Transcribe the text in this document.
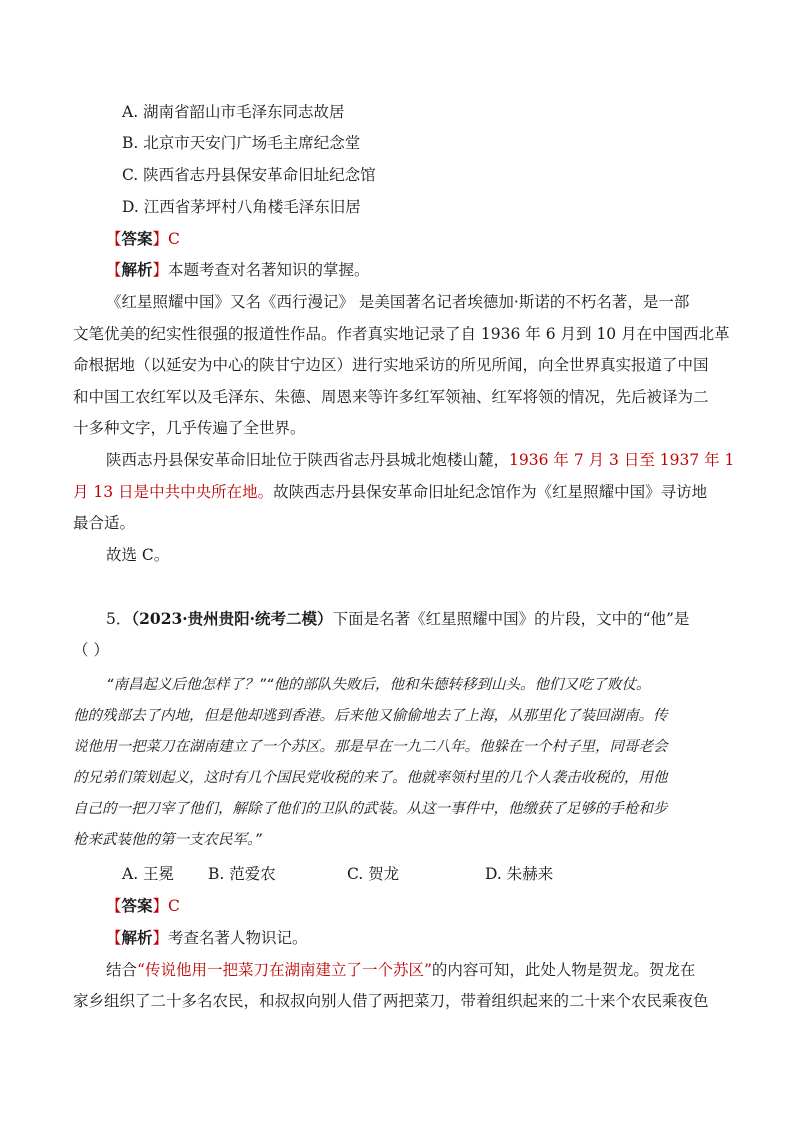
A. 湖南省韶山市毛泽东同志故居
B. 北京市天安门广场毛主席纪念堂
C. 陕西省志丹县保安革命旧址纪念馆
D. 江西省茅坪村八角楼毛泽东旧居
【答案】C
【解析】本题考查对名著知识的掌握。
《红星照耀中国》又名《西行漫记》 是美国著名记者埃德加·斯诺的不朽名著，是一部
文笔优美的纪实性很强的报道性作品。作者真实地记录了自 1936 年 6 月到 10 月在中国西北革
命根据地（以延安为中心的陕甘宁边区）进行实地采访的所见所闻，向全世界真实报道了中国
和中国工农红军以及毛泽东、朱德、周恩来等许多红军领袖、红军将领的情况，先后被译为二
十多种文字，几乎传遍了全世界。
陕西志丹县保安革命旧址位于陕西省志丹县城北炮楼山麓，1936 年 7 月 3 日至 1937 年 1
月 13 日是中共中央所在地。故陕西志丹县保安革命旧址纪念馆作为《红星照耀中国》寻访地
最合适。
故选 C。
5．（2023·贵州贵阳·统考二模）下面是名著《红星照耀中国》的片段，文中的“他”是
（ ）
“南昌起义后他怎样了？”“他的部队失败后，他和朱德转移到山头。他们又吃了败仗。
他的残部去了内地，但是他却逃到香港。后来他又偷偷地去了上海，从那里化了装回湖南。传
说他用一把菜刀在湖南建立了一个苏区。那是早在一九二八年。他躲在一个村子里，同哥老会
的兄弟们策划起义，这时有几个国民党收税的来了。他就率领村里的几个人袭击收税的，用他
自己的一把刀宰了他们，解除了他们的卫队的武装。从这一事件中，他缴获了足够的手枪和步
枪来武装他的第一支农民军。”
A. 王冕 B. 范爱农	C. 贺龙	D. 朱赫来
【答案】C
【解析】考查名著人物识记。
结合“传说他用一把菜刀在湖南建立了一个苏区”的内容可知，此处人物是贺龙。贺龙在
家乡组织了二十多名农民，和叔叔向别人借了两把菜刀，带着组织起来的二十来个农民乘夜色
